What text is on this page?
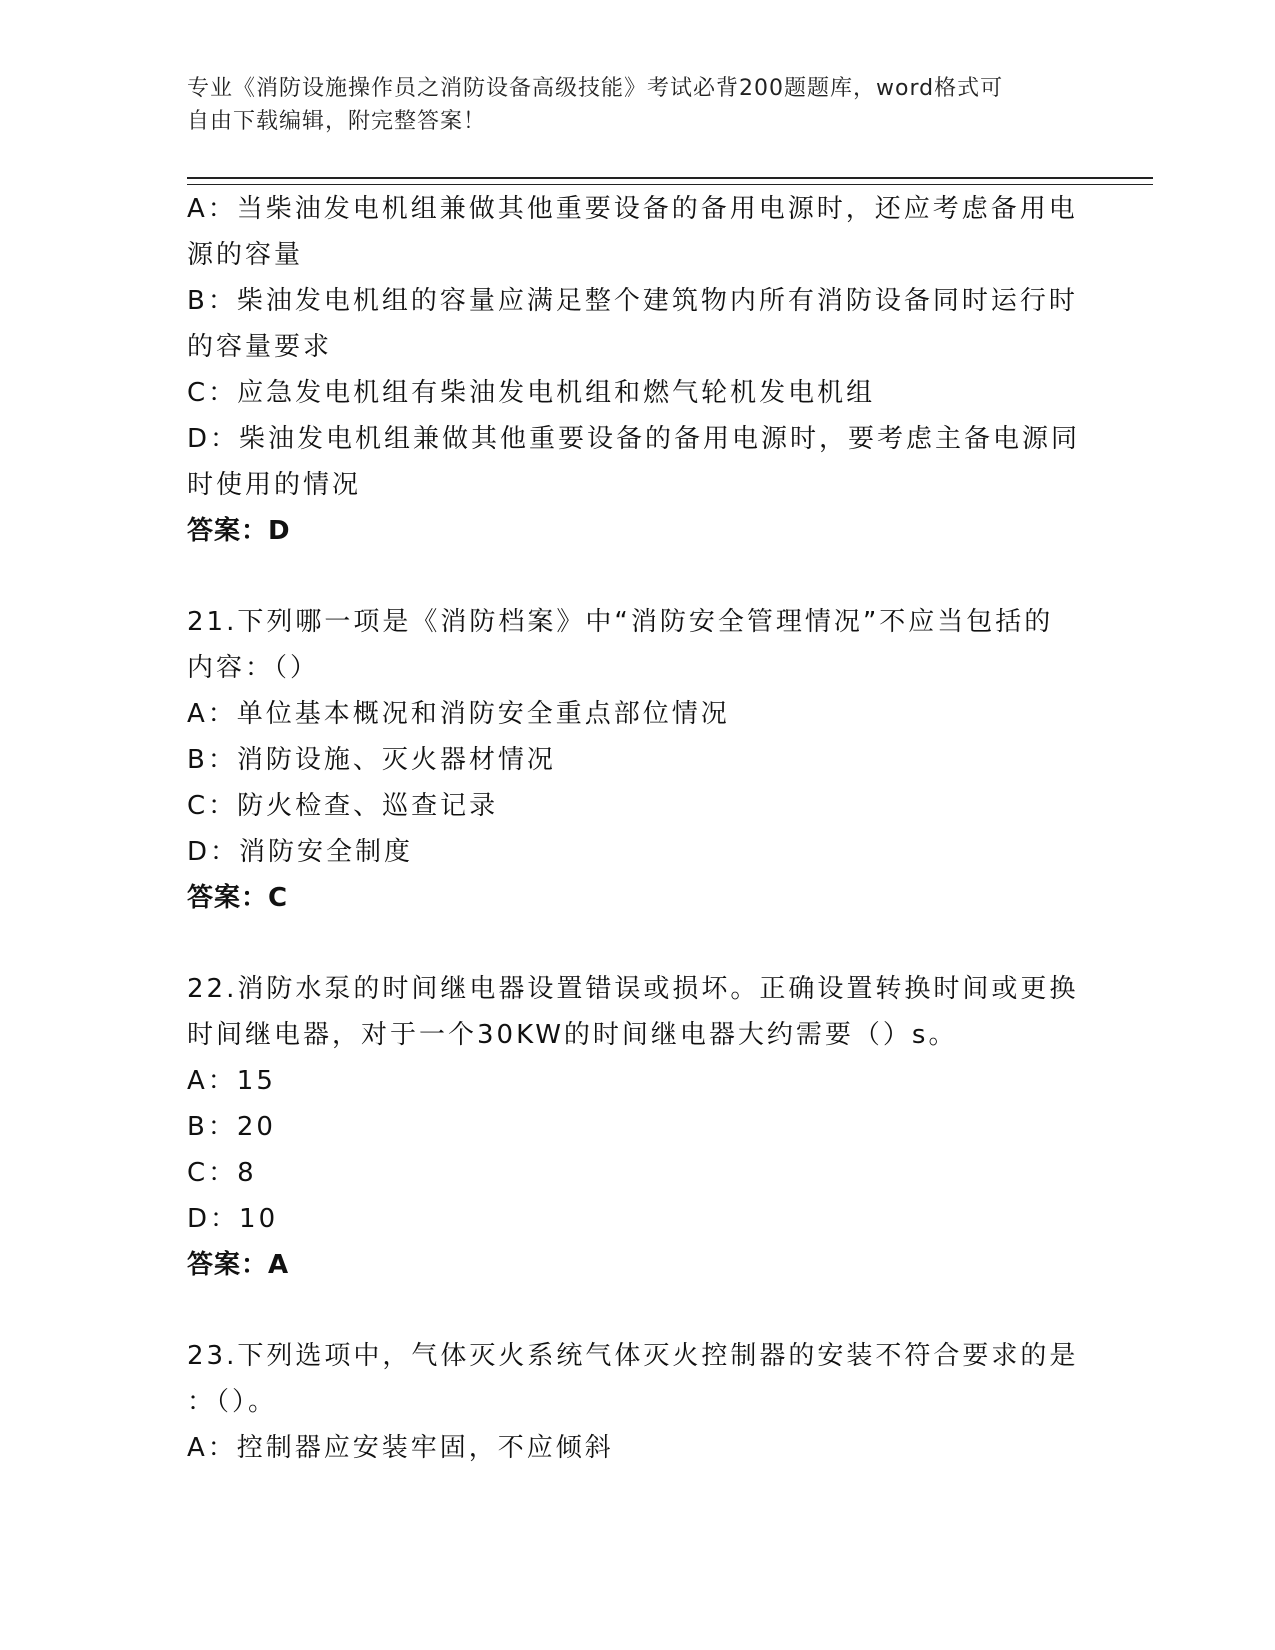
专业《消防设施操作员之消防设备高级技能》考试必背200题题库，word格式可
自由下载编辑，附完整答案！
A：当柴油发电机组兼做其他重要设备的备用电源时，还应考虑备用电
源的容量
B：柴油发电机组的容量应满足整个建筑物内所有消防设备同时运行时
的容量要求
C：应急发电机组有柴油发电机组和燃气轮机发电机组
D：柴油发电机组兼做其他重要设备的备用电源时，要考虑主备电源同
时使用的情况
答案：D
21.下列哪一项是《消防档案》中“消防安全管理情况”不应当包括的
内容：（）
A：单位基本概况和消防安全重点部位情况
B：消防设施、灭火器材情况
C：防火检查、巡查记录
D：消防安全制度
答案：C
22.消防水泵的时间继电器设置错误或损坏。正确设置转换时间或更换
时间继电器，对于一个30KW的时间继电器大约需要（）s。
A：15
B：20
C：8
D：10
答案：A
23.下列选项中，气体灭火系统气体灭火控制器的安装不符合要求的是
：（）。
A：控制器应安装牢固，不应倾斜
